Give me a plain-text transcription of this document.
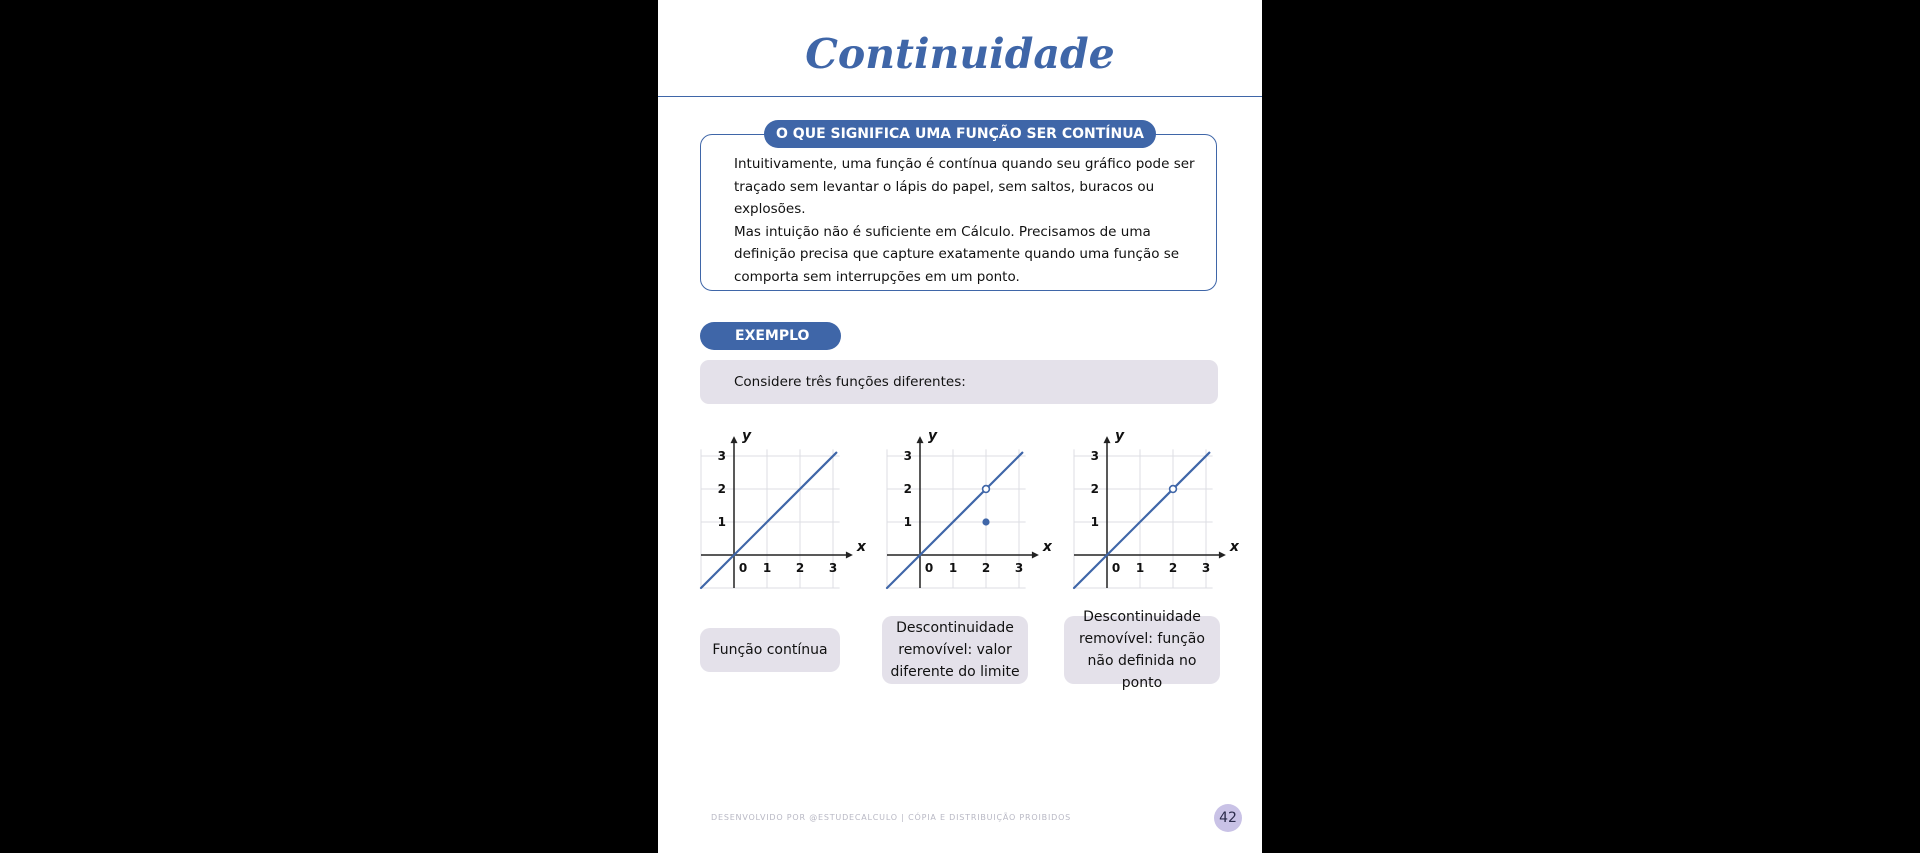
Continuidade
O QUE SIGNIFICA UMA FUNÇÃO SER CONTÍNUA

Intuitivamente, uma função é contínua quando seu gráfico pode ser traçado sem levantar o lápis do papel, sem saltos, buracos ou explosões.

Mas intuição não é suficiente em Cálculo. Precisamos de uma definição precisa que capture exatamente quando uma função se comporta sem interrupções em um ponto.

EXEMPLO
Considere três funções diferentes:
x
y
0 1 2 3
1
2
3
x
y
0 1 2 3
1
2
3
x
y
0 1 2 3
1
2
3
Função contínua
Descontinuidade removível: valor diferente do limite
Descontinuidade removível: função não definida no ponto
DESENVOLVIDO POR @ESTUDECALCULO | CÓPIA E DISTRIBUIÇÃO PROIBIDOS	42
